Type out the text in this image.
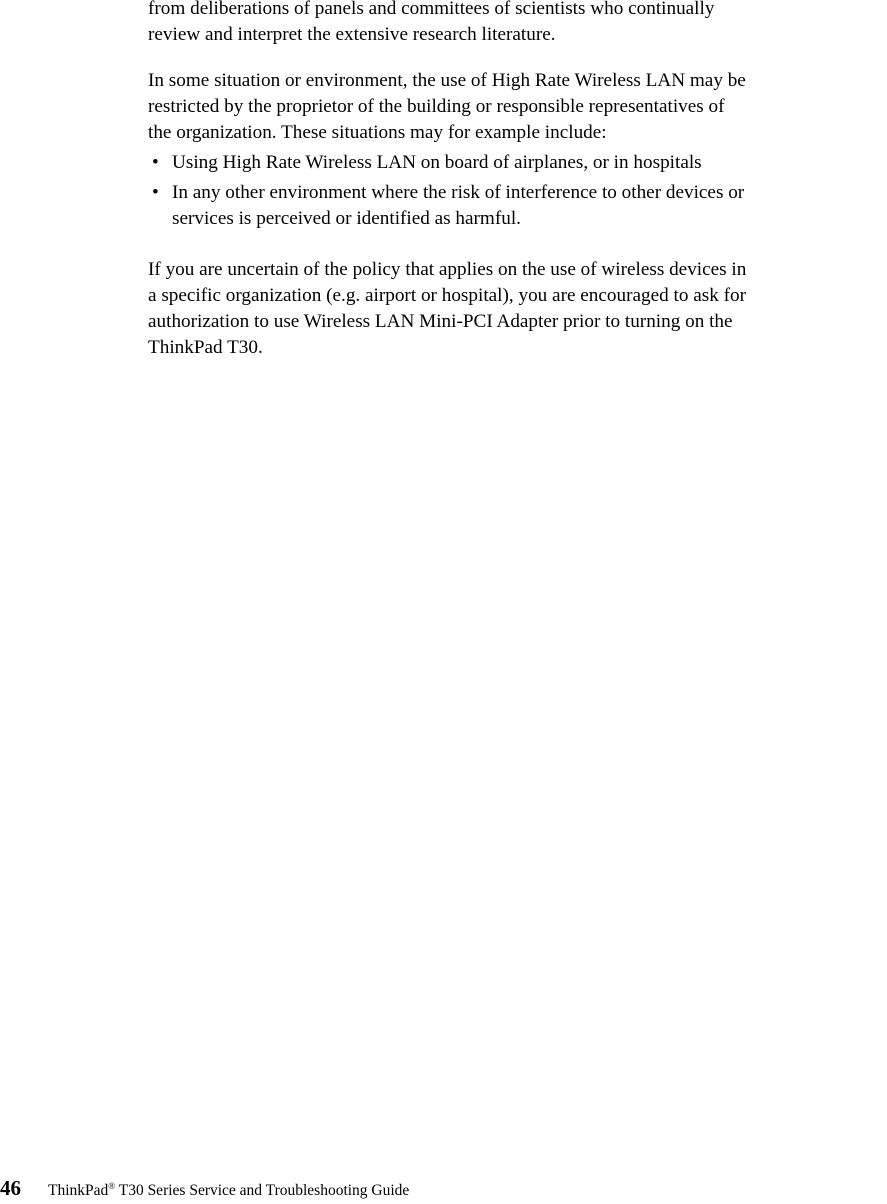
from deliberations of panels and committees of scientists who continually
review and interpret the extensive research literature.

In some situation or environment, the use of High Rate Wireless LAN may be
restricted by the proprietor of the building or responsible representatives of
the organization. These situations may for example include:

• Using High Rate Wireless LAN on board of airplanes, or in hospitals
• In any other environment where the risk of interference to other devices or
services is perceived or identified as harmful.

If you are uncertain of the policy that applies on the use of wireless devices in
a specific organization (e.g. airport or hospital), you are encouraged to ask for
authorization to use Wireless LAN Mini-PCI Adapter prior to turning on the
ThinkPad T30.

46 ThinkPad® T30 Series Service and Troubleshooting Guide
